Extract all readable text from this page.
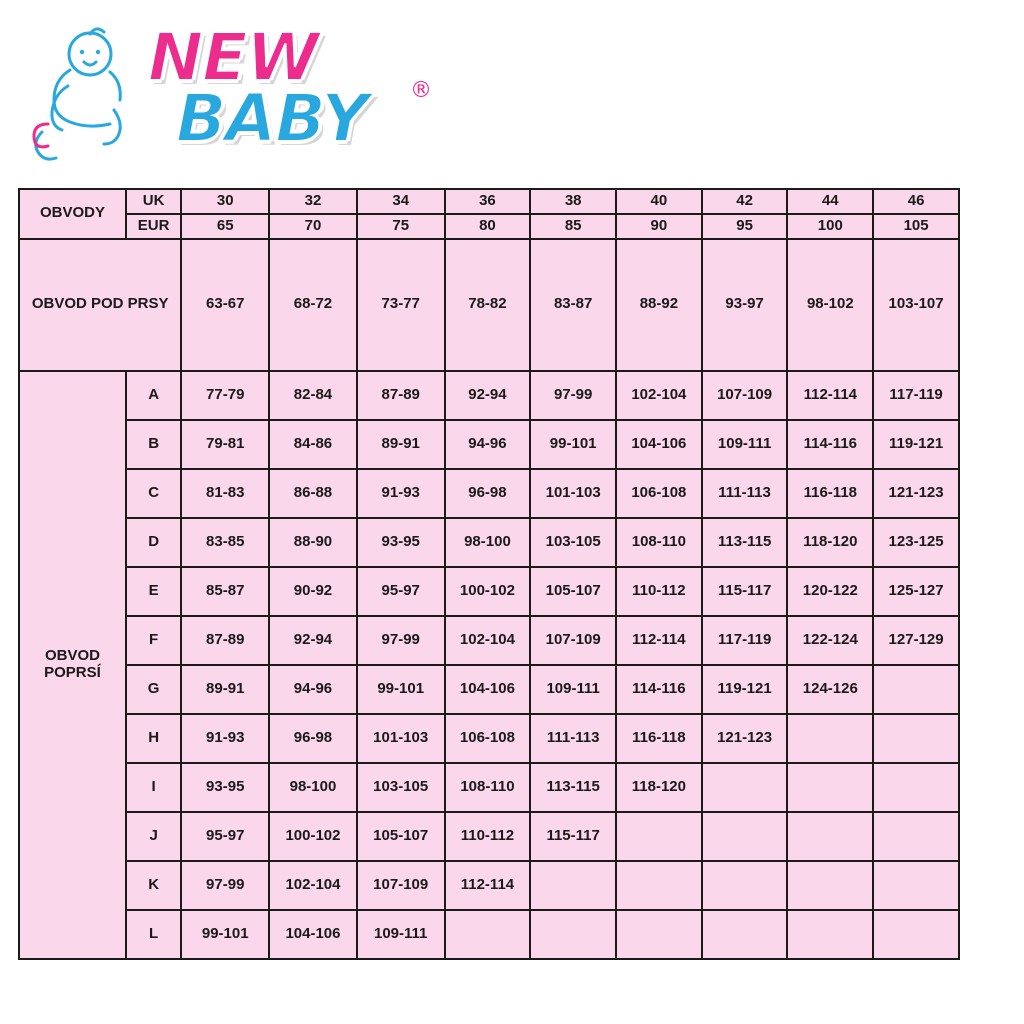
NEW
BABY ®
OBVODY	UK	30	32	34	36	38	40	42	44	46
	EUR	65	70	75	80	85	90	95	100	105
OBVOD POD PRSY		63-67	68-72	73-77	78-82	83-87	88-92	93-97	98-102	103-107
OBVOD POPRSÍ	A	77-79	82-84	87-89	92-94	97-99	102-104	107-109	112-114	117-119
	B	79-81	84-86	89-91	94-96	99-101	104-106	109-111	114-116	119-121
	C	81-83	86-88	91-93	96-98	101-103	106-108	111-113	116-118	121-123
	D	83-85	88-90	93-95	98-100	103-105	108-110	113-115	118-120	123-125
	E	85-87	90-92	95-97	100-102	105-107	110-112	115-117	120-122	125-127
	F	87-89	92-94	97-99	102-104	107-109	112-114	117-119	122-124	127-129
	G	89-91	94-96	99-101	104-106	109-111	114-116	119-121	124-126	
	H	91-93	96-98	101-103	106-108	111-113	116-118	121-123		
	I	93-95	98-100	103-105	108-110	113-115	118-120			
	J	95-97	100-102	105-107	110-112	115-117				
	K	97-99	102-104	107-109	112-114					
	L	99-101	104-106	109-111						
